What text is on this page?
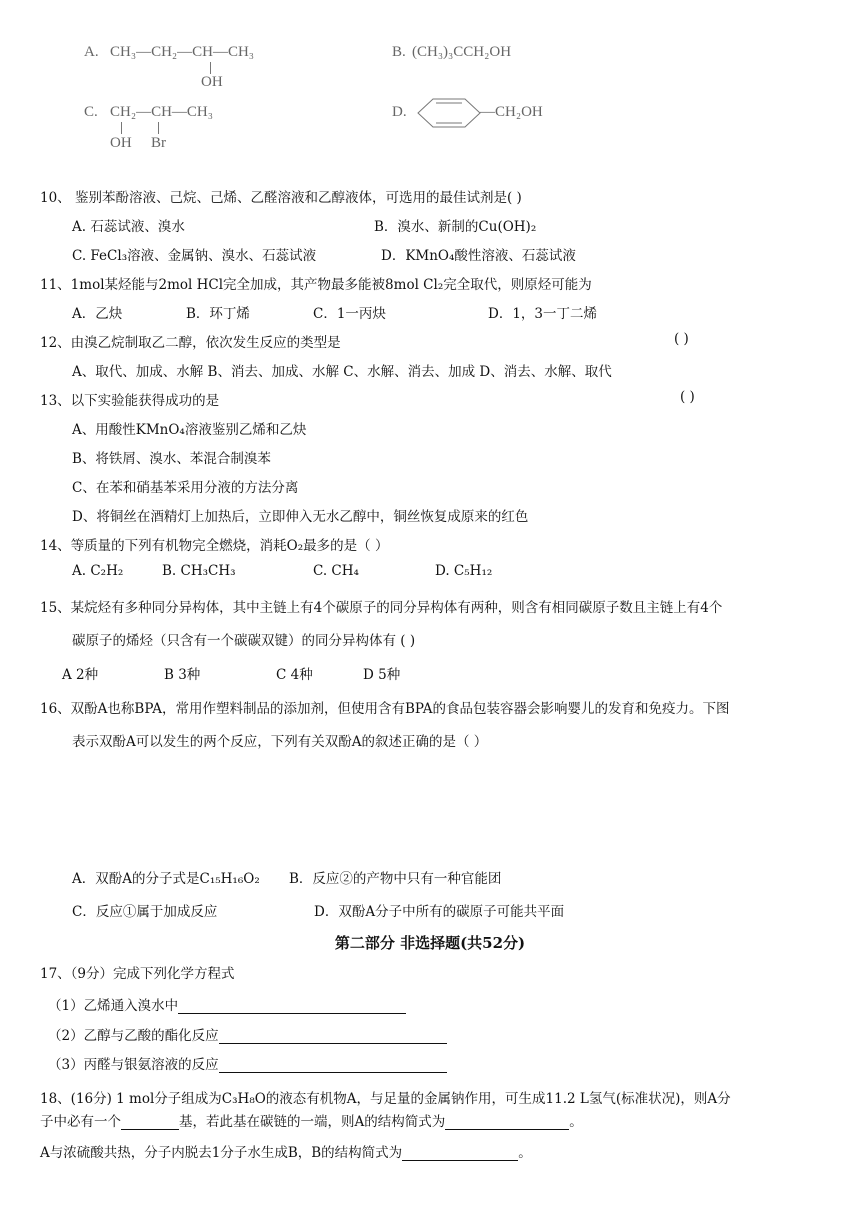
A. CH₃—CH₂—CH—CH₃
OH
B. (CH₃)₃CCH₂OH
C. CH₂—CH—CH₃
OH Br
D.	—CH₂OH
10、 鉴别苯酚溶液、己烷、己烯、乙醛溶液和乙醇液体，可选用的最佳试剂是( )
A. 石蕊试液、溴水	B．溴水、新制的Cu(OH)₂
C. FeCl₃溶液、金属钠、溴水、石蕊试液	D．KMnO₄酸性溶液、石蕊试液
11、1mol某烃能与2mol HCl完全加成，其产物最多能被8mol Cl₂完全取代，则原烃可能为
A．乙炔	B．环丁烯	C．1一丙炔	D．1，3一丁二烯
12、由溴乙烷制取乙二醇，依次发生反应的类型是	( )
A、取代、加成、水解 B、消去、加成、水解 C、水解、消去、加成 D、消去、水解、取代
13、以下实验能获得成功的是	( )
A、用酸性KMnO₄溶液鉴别乙烯和乙炔
B、将铁屑、溴水、苯混合制溴苯
C、在苯和硝基苯采用分液的方法分离
D、将铜丝在酒精灯上加热后，立即伸入无水乙醇中，铜丝恢复成原来的红色
14、等质量的下列有机物完全燃烧，消耗O₂最多的是（ ）
A. C₂H₂	B. CH₃CH₃	C. CH₄	D. C₅H₁₂
15、某烷烃有多种同分异构体，其中主链上有4个碳原子的同分异构体有两种，则含有相同碳原子数且主链上有4个
碳原子的烯烃（只含有一个碳碳双键）的同分异构体有 ( )
A 2种	B 3种	C 4种	D 5种
16、双酚A也称BPA，常用作塑料制品的添加剂，但使用含有BPA的食品包装容器会影响婴儿的发育和免疫力。下图
表示双酚A可以发生的两个反应，下列有关双酚A的叙述正确的是（ ）
A．双酚A的分子式是C₁₅H₁₆O₂ B．反应②的产物中只有一种官能团
C．反应①属于加成反应	D．双酚A分子中所有的碳原子可能共平面
第二部分 非选择题(共52分)
17、（9分）完成下列化学方程式
（1）乙烯通入溴水中
（2）乙醇与乙酸的酯化反应
（3）丙醛与银氨溶液的反应
18、(16分) 1 mol分子组成为C₃H₈O的液态有机物A，与足量的金属钠作用，可生成11.2 L氢气(标准状况)，则A分
子中必有一个	基，若此基在碳链的一端，则A的结构简式为	。
A与浓硫酸共热，分子内脱去1分子水生成B，B的结构简式为	。
